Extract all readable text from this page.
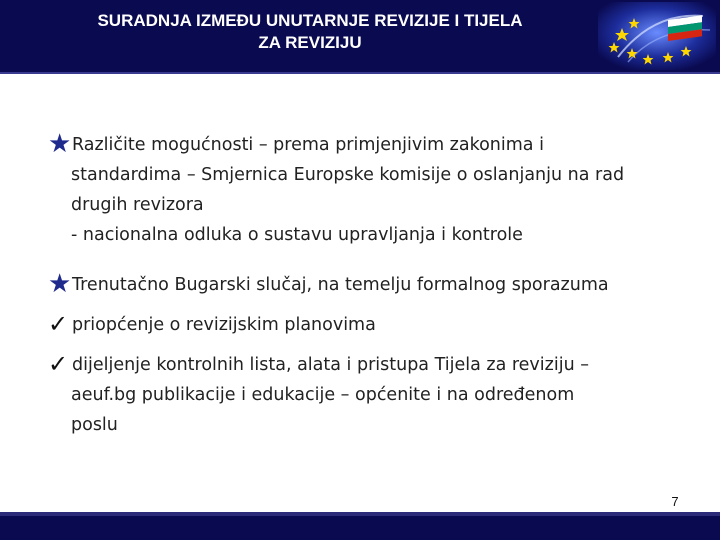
SURADNJA IZMEĐU UNUTARNJE REVIZIJE I TIJELA
ZA REVIZIJU
★Različite mogućnosti – prema primjenjivim zakonima i
standardima – Smjernica Europske komisije o oslanjanju na rad
drugih revizora
- nacionalna odluka o sustavu upravljanja i kontrole
★Trenutačno Bugarski slučaj, na temelju formalnog sporazuma
✓ priopćenje o revizijskim planovima
✓ dijeljenje kontrolnih lista, alata i pristupa Tijela za reviziju –
aeuf.bg publikacije i edukacije – općenite i na određenom
poslu
7
